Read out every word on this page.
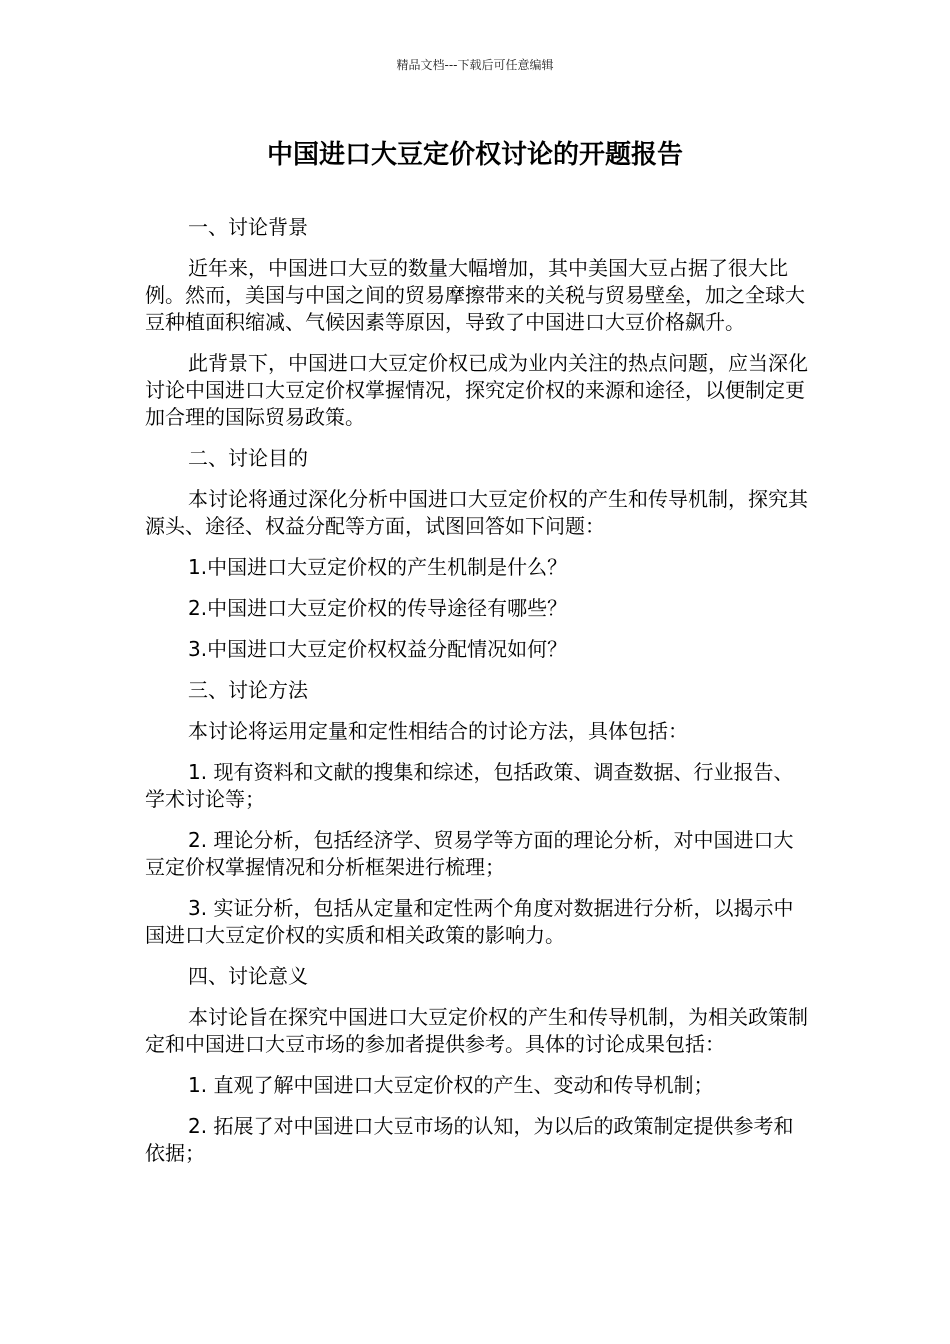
精品文档---下载后可任意编辑
中国进口大豆定价权讨论的开题报告

一、讨论背景

近年来，中国进口大豆的数量大幅增加，其中美国大豆占据了很大比例。然而，美国与中国之间的贸易摩擦带来的关税与贸易壁垒，加之全球大豆种植面积缩减、气候因素等原因，导致了中国进口大豆价格飙升。

此背景下，中国进口大豆定价权已成为业内关注的热点问题，应当深化讨论中国进口大豆定价权掌握情况，探究定价权的来源和途径，以便制定更加合理的国际贸易政策。

二、讨论目的

本讨论将通过深化分析中国进口大豆定价权的产生和传导机制，探究其源头、途径、权益分配等方面，试图回答如下问题：

1.中国进口大豆定价权的产生机制是什么？

2.中国进口大豆定价权的传导途径有哪些？

3.中国进口大豆定价权权益分配情况如何？

三、讨论方法

本讨论将运用定量和定性相结合的讨论方法，具体包括：

1. 现有资料和文献的搜集和综述，包括政策、调查数据、行业报告、学术讨论等；

2. 理论分析，包括经济学、贸易学等方面的理论分析，对中国进口大豆定价权掌握情况和分析框架进行梳理；

3. 实证分析，包括从定量和定性两个角度对数据进行分析，以揭示中国进口大豆定价权的实质和相关政策的影响力。

四、讨论意义

本讨论旨在探究中国进口大豆定价权的产生和传导机制，为相关政策制定和中国进口大豆市场的参加者提供参考。具体的讨论成果包括：

1. 直观了解中国进口大豆定价权的产生、变动和传导机制；

2. 拓展了对中国进口大豆市场的认知，为以后的政策制定提供参考和依据；
